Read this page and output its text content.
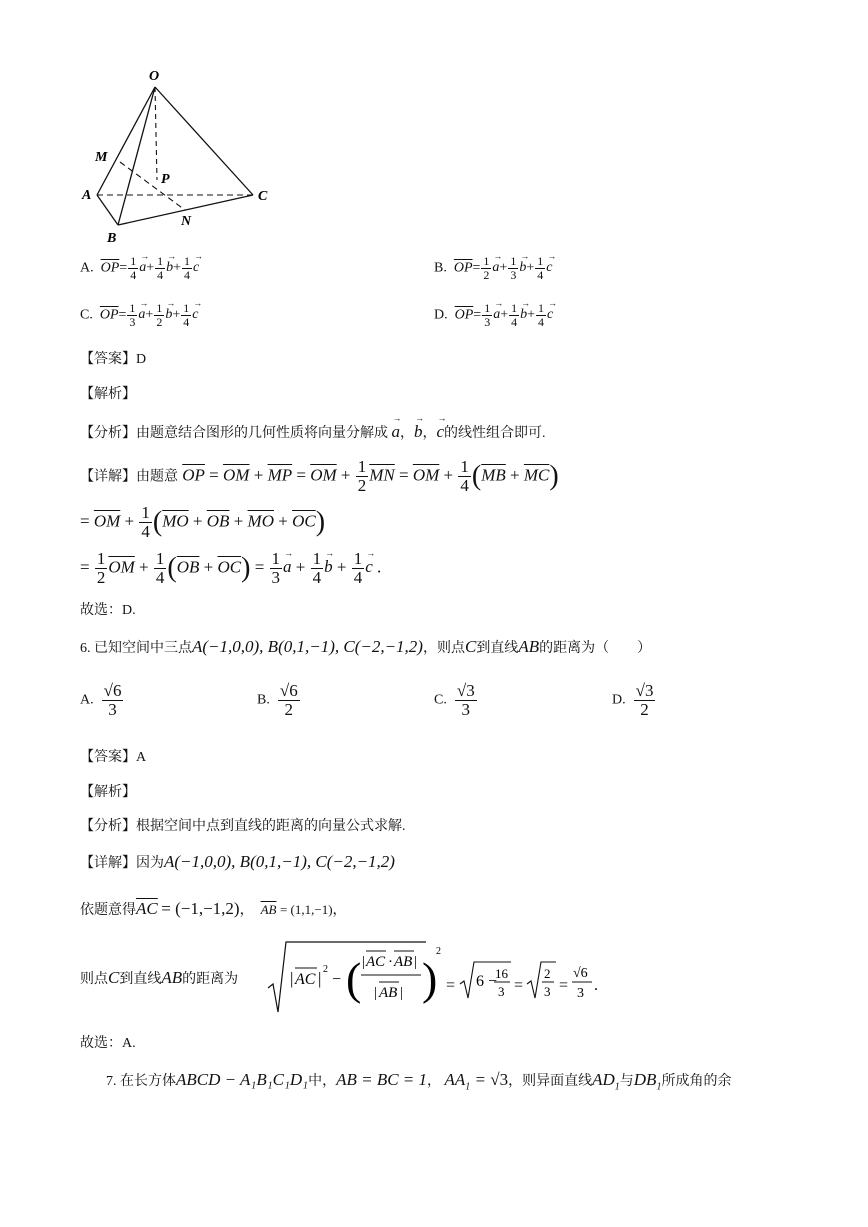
O
M
P
A	C
N
B
A. $\overline{OP}= \frac{1}{4} \to a+ \frac{1}{4} \to b+ \frac{1}{4} \to c$	B. $\overline{OP}= \frac{1}{2} \to a+ \frac{1}{3} \to b+ \frac{1}{4} \to c$
C. $\overline{OP}= \frac{1}{3} \to a+ \frac{1}{2} \to b+ \frac{1}{4} \to c$	D. $\overline{OP}= \frac{1}{3} \to a+ \frac{1}{4} \to b+ \frac{1}{4} \to c$
【答案】D
【解析】
【分析】由题意结合图形的几何性质将向量分解成 → a，→ b，→ c的线性组合即可.
【详解】由题意 $\overline{OP} = \overline{OM} + \overline{MP} = \overline{OM} + \frac{1}{2} \overline{MN} = \overline{OM} + \frac{1}{4} (\overline{MB} + \overline{MC})$
= $\overline{OM} + \frac{1}{4} (\overline{MO} + \overline{OB} + \overline{MO} + \overline{OC})$
= $\frac{1}{2} \overline{OM} + \frac{1}{4} (\overline{OB} + \overline{OC}) = \frac{1}{3} \to a + \frac{1}{4} \to b + \frac{1}{4} \to c$ .
故选：D.
6. 已知空间中三点A(−1,0,0), B(0,1,−1), C(−2,−1,2)，则点C到直线AB的距离为（　　）
A. $\frac{√6}{3}$	B. $\frac{√6}{2}$	C. $\frac{√3}{3}$	D. $\frac{√3}{2}$
【答案】A
【解析】
【分析】根据空间中点到直线的距离的向量公式求解.
【详解】因为A(−1,0,0), B(0,1,−1), C(−2,−1,2)
依题意得$\overline{AC} = (-1,-1,2)$，  $\overline{AB} = (1,1,-1)$，
则点C到直线AB的距离为	| AC | 2
− ( | AC · AB |
| AB | )
2
= 6 −
16
3 =
2
3 =
√6
3 .
故选：A.
7. 在长方体ABCD − A₁B₁C₁D₁中，AB = BC = 1， $AA_1 = √3$，则异面直线$AD_1$与$DB_1$所成角的余
